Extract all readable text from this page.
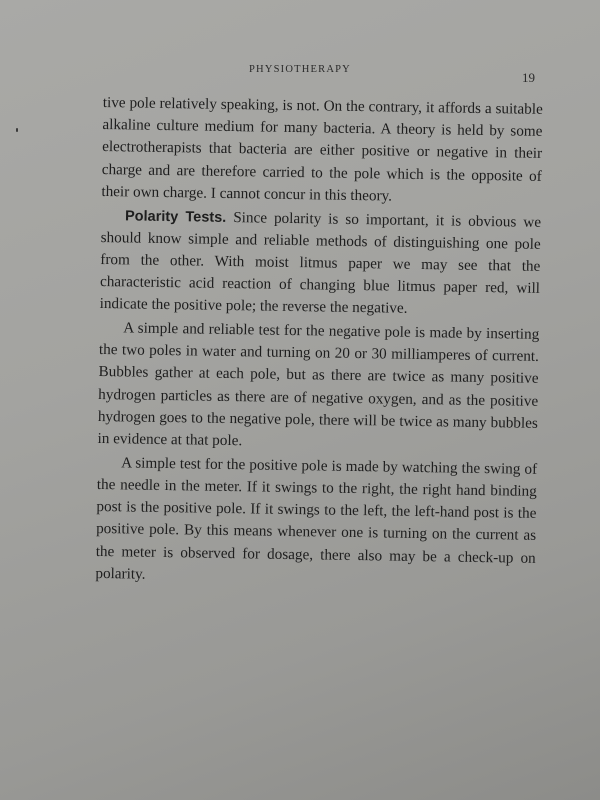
PHYSIOTHERAPY
19

tive pole relatively speaking, is not. On the contrary, it affords a suitable alkaline culture medium for many bacteria. A theory is held by some electrotherapists that bacteria are either positive or negative in their charge and are therefore carried to the pole which is the opposite of their own charge. I cannot concur in this theory.

Polarity Tests. Since polarity is so important, it is obvious we should know simple and reliable methods of distinguishing one pole from the other. With moist litmus paper we may see that the characteristic acid reaction of changing blue litmus paper red, will indicate the positive pole; the reverse the negative.

A simple and reliable test for the negative pole is made by inserting the two poles in water and turning on 20 or 30 milliamperes of current. Bubbles gather at each pole, but as there are twice as many positive hydrogen particles as there are of negative oxygen, and as the positive hydrogen goes to the negative pole, there will be twice as many bubbles in evidence at that pole.

A simple test for the positive pole is made by watching the swing of the needle in the meter. If it swings to the right, the right hand binding post is the positive pole. If it swings to the left, the left-hand post is the positive pole. By this means whenever one is turning on the current as the meter is observed for dosage, there also may be a check-up on polarity.
